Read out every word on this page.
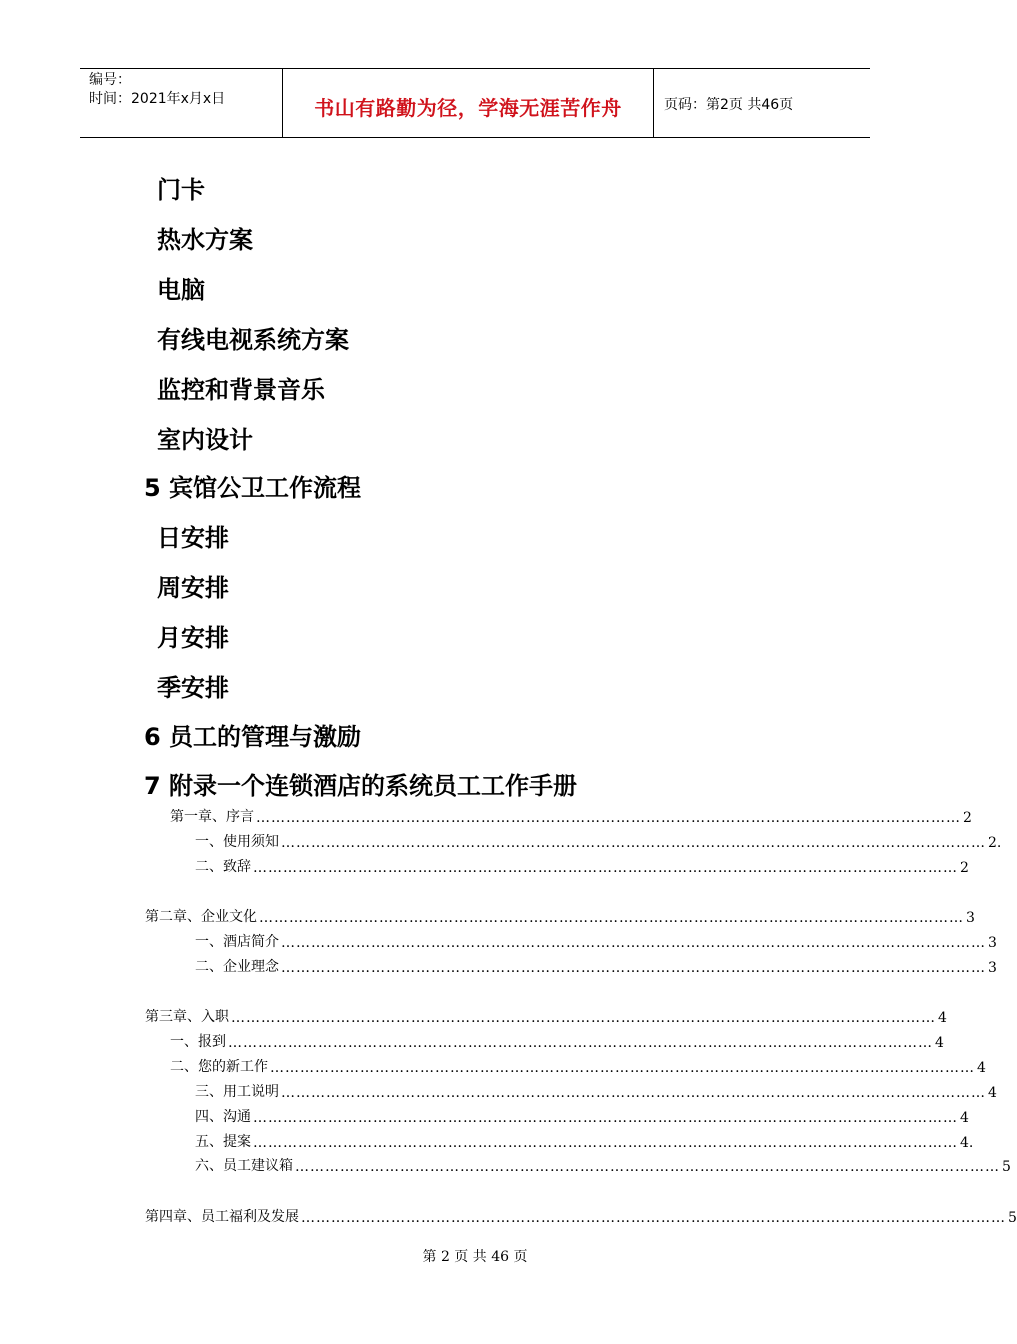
编号：
时间：2021年x月x日	书山有路勤为径，学海无涯苦作舟	页码：第2页 共46页
门卡
热水方案
电脑
有线电视系统方案
监控和背景音乐
室内设计
5 宾馆公卫工作流程
日安排
周安排
月安排
季安排
6 员工的管理与激励
7 附录一个连锁酒店的系统员工工作手册
第一章、序言 …………………………………………………………………………………………………………………………… 2
一、使用须知 …………………………………………………………………………………………………………………………… 2.
二、致辞 …………………………………………………………………………………………………………………………… 2
第二章、企业文化 …………………………………………………………………………………………………………………………… 3
一、酒店简介 …………………………………………………………………………………………………………………………… 3
二、企业理念 …………………………………………………………………………………………………………………………… 3
第三章、入职 …………………………………………………………………………………………………………………………… 4
一、报到 …………………………………………………………………………………………………………………………… 4
二、您的新工作 …………………………………………………………………………………………………………………………… 4
三、用工说明 …………………………………………………………………………………………………………………………… 4
四、沟通 …………………………………………………………………………………………………………………………… 4
五、提案 …………………………………………………………………………………………………………………………… 4.
六、员工建议箱 …………………………………………………………………………………………………………………………… 5
第四章、员工福利及发展 …………………………………………………………………………………………………………………………… 5
第 2 页 共 46 页
